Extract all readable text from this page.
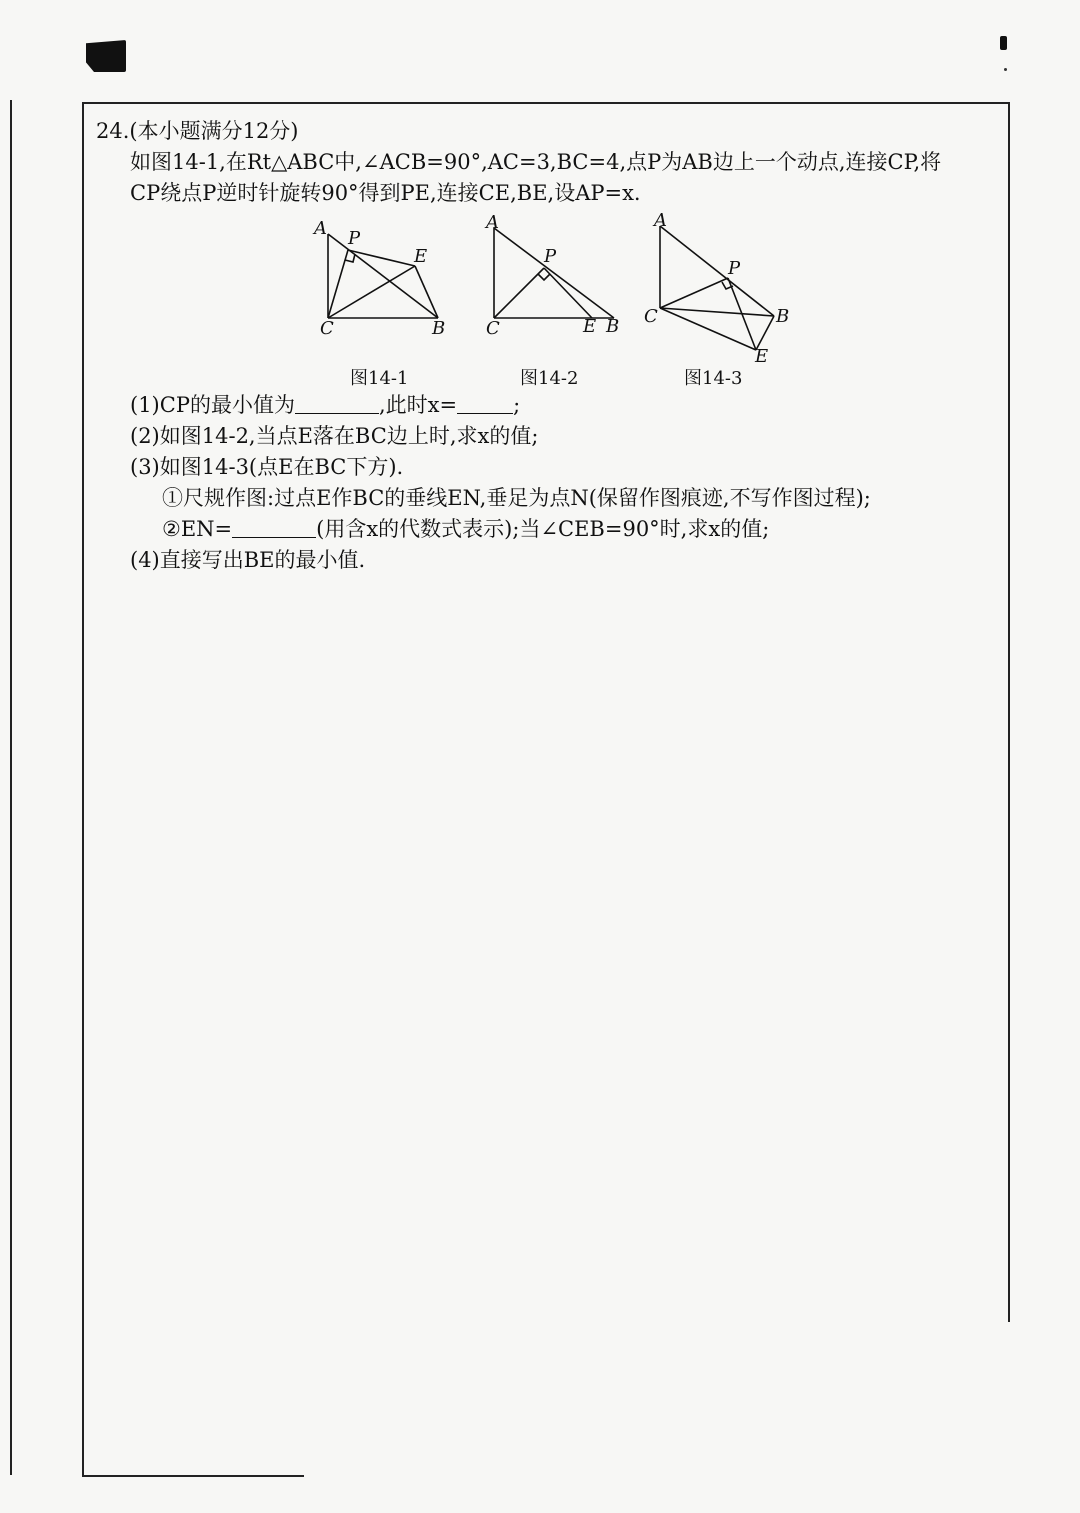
24.(本小题满分12分)
如图14-1,在Rt△ABC中,∠ACB=90°,AC=3,BC=4,点P为AB边上一个动点,连接CP,将
CP绕点P逆时针旋转90°得到PE,连接CE,BE,设AP=x.
A P
E
C	B
A
P
C	E B
A
P
C	B
E
图14-1	图14-2	图14-3
(1)CP的最小值为	,此时x=	;
(2)如图14-2,当点E落在BC边上时,求x的值;
(3)如图14-3(点E在BC下方).
①尺规作图:过点E作BC的垂线EN,垂足为点N(保留作图痕迹,不写作图过程);
②EN=	(用含x的代数式表示);当∠CEB=90°时,求x的值;
(4)直接写出BE的最小值.
